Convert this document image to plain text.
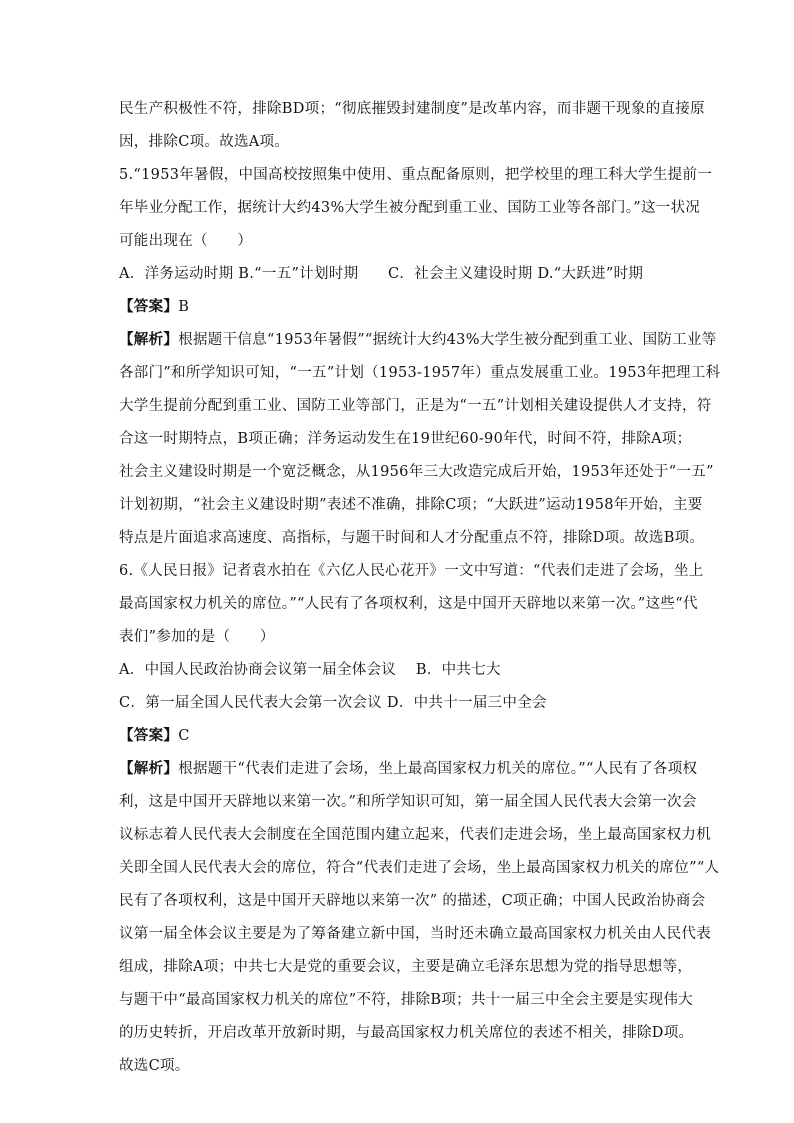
民生产积极性不符，排除BD项；“彻底摧毁封建制度”是改革内容，而非题干现象的直接原
因，排除C项。故选A项。
5.“1953年暑假，中国高校按照集中使用、重点配备原则，把学校里的理工科大学生提前一
年毕业分配工作，据统计大约43%大学生被分配到重工业、国防工业等各部门。”这一状况
可能出现在（　　）
A．洋务运动时期 B.“一五”计划时期　　C．社会主义建设时期 D.“大跃进”时期
【答案】B
【解析】根据题干信息“1953年暑假”“据统计大约43%大学生被分配到重工业、国防工业等
各部门”和所学知识可知，“一五”计划（1953-1957年）重点发展重工业。1953年把理工科
大学生提前分配到重工业、国防工业等部门，正是为“一五”计划相关建设提供人才支持，符
合这一时期特点，B项正确；洋务运动发生在19世纪60-90年代，时间不符，排除A项；
社会主义建设时期是一个宽泛概念，从1956年三大改造完成后开始，1953年还处于“一五”
计划初期，“社会主义建设时期”表述不准确，排除C项；“大跃进”运动1958年开始，主要
特点是片面追求高速度、高指标，与题干时间和人才分配重点不符，排除D项。故选B项。
6.《人民日报》记者袁水拍在《六亿人民心花开》一文中写道：“代表们走进了会场，坐上
最高国家权力机关的席位。”“人民有了各项权利，这是中国开天辟地以来第一次。”这些“代
表们”参加的是（　　）
A．中国人民政治协商会议第一届全体会议　 B．中共七大
C．第一届全国人民代表大会第一次会议 D．中共十一届三中全会
【答案】C
【解析】根据题干“代表们走进了会场，坐上最高国家权力机关的席位。”“人民有了各项权
利，这是中国开天辟地以来第一次。”和所学知识可知，第一届全国人民代表大会第一次会
议标志着人民代表大会制度在全国范围内建立起来，代表们走进会场，坐上最高国家权力机
关即全国人民代表大会的席位，符合“代表们走进了会场，坐上最高国家权力机关的席位”“人
民有了各项权利，这是中国开天辟地以来第一次” 的描述，C项正确；中国人民政治协商会
议第一届全体会议主要是为了筹备建立新中国，当时还未确立最高国家权力机关由人民代表
组成，排除A项；中共七大是党的重要会议，主要是确立毛泽东思想为党的指导思想等，
与题干中“最高国家权力机关的席位”不符，排除B项；共十一届三中全会主要是实现伟大
的历史转折，开启改革开放新时期，与最高国家权力机关席位的表述不相关，排除D项。
故选C项。
